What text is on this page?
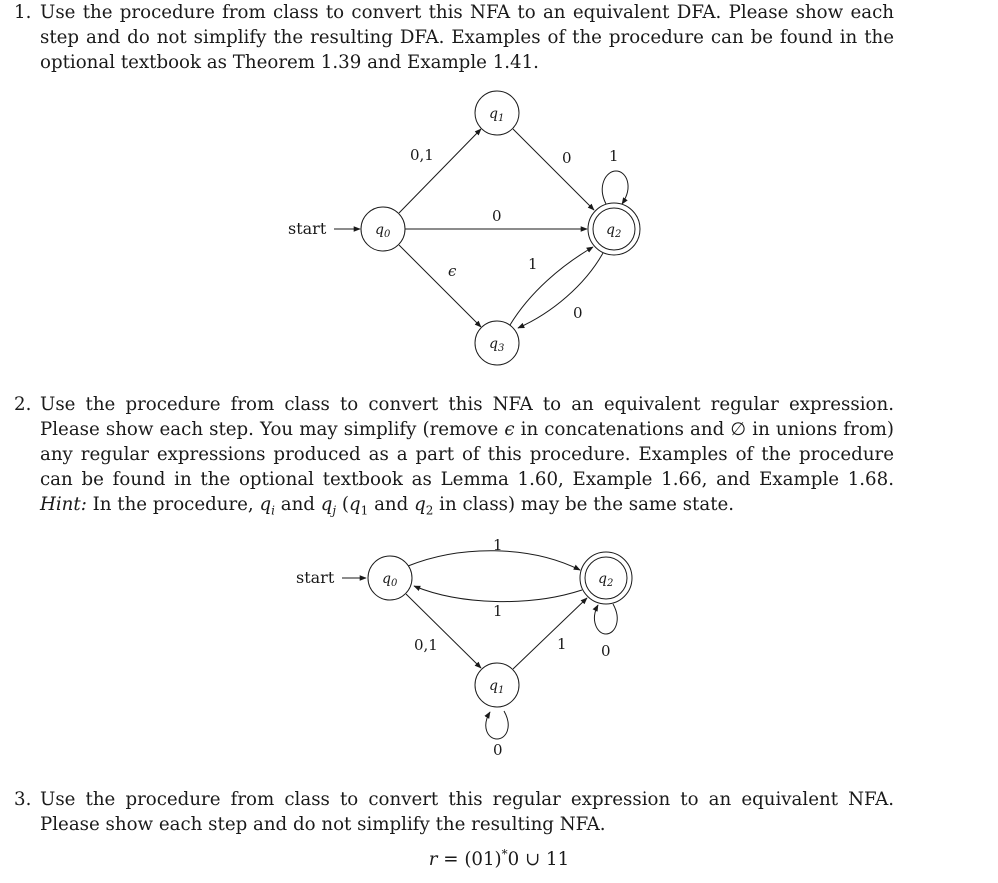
1. Use the procedure from class to convert this NFA to an equivalent DFA. Please show each step and do not simplify the resulting DFA. Examples of the procedure can be found in the optional textbook as Theorem 1.39 and Example 1.41.

start	$q_0$
$q_1$
$q_2$
$q_3$
0,1	0 1
0
ϵ	1
0
2. Use the procedure from class to convert this NFA to an equivalent regular expression. Please show each step. You may simplify (remove ϵ in concatenations and ∅ in unions from) any regular expressions produced as a part of this procedure. Examples of the procedure can be found in the optional textbook as Lemma 1.60, Example 1.66, and Example 1.68. Hint: In the procedure, $q_i$ and $q_j$ ($q_1$ and $q_2$ in class) may be the same state.

start	$q_0$	$q_2$
$q_1$
1
1
0,1
0
1 0
3. Use the procedure from class to convert this regular expression to an equivalent NFA. Please show each step and do not simplify the resulting NFA.

r = (01)*0 ∪ 11
